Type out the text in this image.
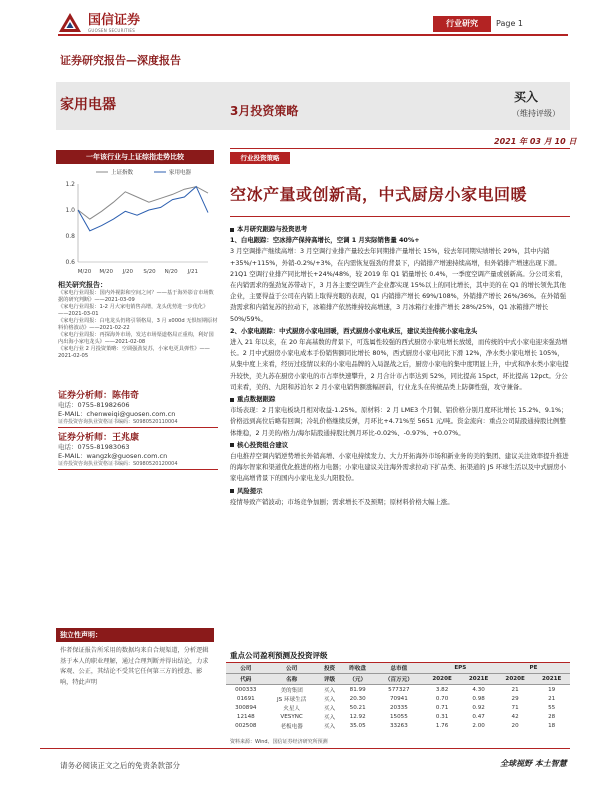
国信证券
GUOSEN SECURITIES
行业研究	Page 1
证券研究报告—深度报告
家用电器	3月投资策略
买入
（维持评级）
2021 年 03 月 10 日
一年该行业与上证综指走势比较
0.6
0.8
1.0
1.2
M/20 M/20 J/20 S/20 N/20 J/21
上证指数	家用电器
相关研究报告：
《家电行业周报：国内外视影和空间之问？——基于海外影音市场数据的研究判断》——2021-03-09
《家电行业周报：1-2 月大家电销售高增，龙头优势进一步优化》——2021-03-01
《家电行业周报：白电龙头仍将引领格局，3 月 x000d 无惧短期原材料价格波动》——2021-02-22
《家电行业周报：再探海外市场，发达市场渠道格局正重构，利好国内出海小家电龙头》——2021-02-08
《家电行业 2 月投资策略：空调强劲复苏，小家电更具弹性》——2021-02-05
证券分析师：陈伟奇
电话：0755-81982606
E-MAIL：chenweiqi@guosen.com.cn
证券投资咨询执业资格证书编码：S0980520110004
证券分析师：王兆康
电话：0755-81983063
E-MAIL：wangzk@guosen.com.cn
证券投资咨询执业资格证书编码：S0980520120004
独立性声明：
作者保证报告所采用的数据均来自合规渠道，分析逻辑基于本人的职业理解，通过合理判断并得出结论，力求客观、公正，其结论不受其它任何第三方的授意、影响，特此声明
行业投资策略
空冰产量或创新高，中式厨房小家电回暖
本月研究跟踪与投资思考
1、白电跟踪：空冰排产保持高增长，空调 1 月实际销售量 40%+
3 月空调排产继续高增：3 月空调行业排产量较去年同期排产量增长 15%，较去年同期实绩增长 29%，其中内销+35%/+115%，外销-0.2%/+3%，在内需恢复强劲的背景下，内销排产增速持续高增，但外销排产增速出现下滑。21Q1 空调行业排产同比增长+24%/48%，较 2019 年 Q1 销量增长 0.4%，一季度空调产量或创新高。分公司来看，在内销需求的强劲复苏带动下，3 月各主要空调生产企业都实现 15%以上的同比增长，其中美的在 Q1 的增长领先其他企业，主要得益于公司在内销上取得亮眼的表现，Q1 内销排产增长 69%/108%，外销排产增长 26%/36%。在外销强劲需求和内销复苏的拉动下，冰箱排产依然维持较高增速，3 月冰箱行业排产增长 28%/25%，Q1 冰箱排产增长 50%/59%。
2、小家电跟踪：中式厨房小家电回暖，西式厨房小家电承压，建议关注传统小家电龙头
进入 21 年以来，在 20 年高基数的背景下，可选属性较强的西式厨房小家电增长放缓，而传统的中式小家电迎来强劲增长。2 月中式厨房小家电成本手份销售额同比增长 80%，西式厨房小家电同比下滑 12%，净水类小家电增长 105%，从集中度上来看，经历过疫情以来的小家电品牌的入局混战之后，厨房小家电的集中度明显上升，中式和净水类小家电提升较快，美九苏在厨房小家电的市占率快速攀升，2 月合计市占率达到 52%，同比提高 15pct，环比提高 12pct。分公司来看，美的、九阳和苏泊尔 2 月小家电销售额涨幅居前，行业龙头在传统品类上防御性强，攻守兼备。
重点数据跟踪
市场表现：2 月家电板块月相对收益-1.25%。原材料：2 月 LME3 个月铜、铝价格分别月度环比增长 15.2%、9.1%；价格远到高位后略有回调；冷轧价格继续反弹，月环比+4.71%至 5651 元/吨。资金流向：重点公司陆股通持股比例整体维稳，2 月美的/格力/海尔陆股通持股比例月环比-0.02%、-0.97%、+0.07%。
核心投资组合建议
白电推荐空调内销逆势增长外销高增、小家电持续发力、大力开拓海外市场和新业务的美的集团、建议关注效率提升推进的海尔智家和渠道优化推进的格力电器；小家电建议关注海外需求拉动下扩品类、拓渠道的 JS 环球生活以及中式厨房小家电高增背景下的国内小家电龙头九阳股份。
风险提示
疫情导致产销波动；市场竞争加剧；需求增长不及预期；原材料价格大幅上涨。
重点公司盈利预测及投资评级
公司	公司	投资	昨收盘	总市值	EPS		PE	
代码	名称	评级	（元）	（百万元）	2020E	2021E	2020E	2021E
000333	美的集团	买入	81.99	577327	3.82	4.30	21	19
01691	JS 环球生活	买入	20.30	70941	0.70	0.98	29	21
300894	火星人	买入	50.21	20335	0.71	0.92	71	55
12148	VESYNC	买入	12.92	15055	0.31	0.47	42	28
002508	老板电器	买入	35.05	33263	1.76	2.00	20	18
资料来源：Wind、国信证券经济研究所预测
请务必阅读正文之后的免责条款部分	全球视野 本土智慧
